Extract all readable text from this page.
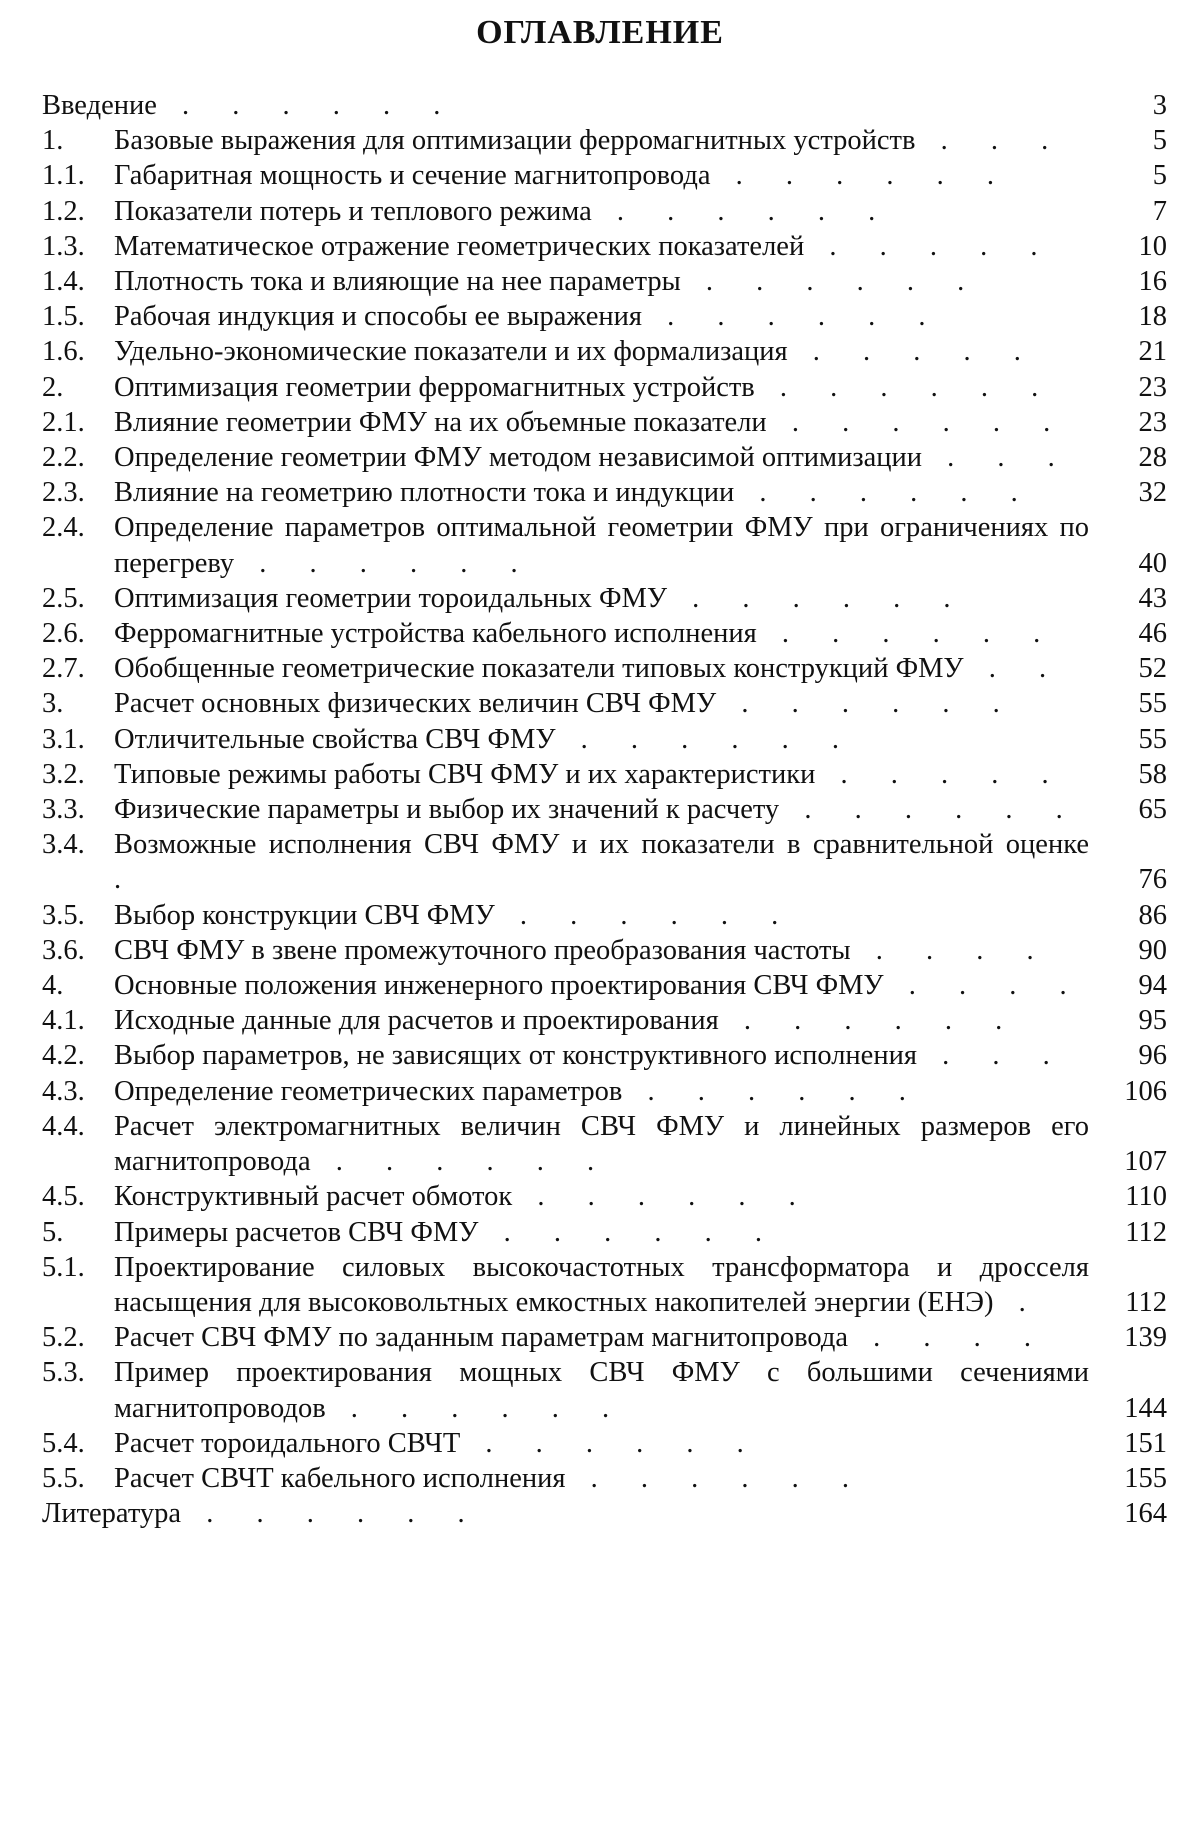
ОГЛАВЛЕНИЕ
Введение . . . . . .	3
1.	Базовые выражения для оптимизации ферромагнитных устройств . . .	5
1.1.	Габаритная мощность и сечение магнитопровода . . . . . .	5
1.2.	Показатели потерь и теплового режима . . . . . .	7
1.3.	Математическое отражение геометрических показателей . . . . .	10
1.4.	Плотность тока и влияющие на нее параметры . . . . . .	16
1.5.	Рабочая индукция и способы ее выражения . . . . . .	18
1.6.	Удельно-экономические показатели и их формализация . . . . .	21
2.	Оптимизация геометрии ферромагнитных устройств . . . . . .	23
2.1.	Влияние геометрии ФМУ на их объемные показатели . . . . . .	23
2.2.	Определение геометрии ФМУ методом независимой оптимизации . . .	28
2.3.	Влияние на геометрию плотности тока и индукции . . . . . .	32
2.4.	Определение параметров оптимальной геометрии ФМУ при ограничениях по перегреву . . . . . .	40
2.5.	Оптимизация геометрии тороидальных ФМУ . . . . . .	43
2.6.	Ферромагнитные устройства кабельного исполнения . . . . . .	46
2.7.	Обобщенные геометрические показатели типовых конструкций ФМУ . .	52
3.	Расчет основных физических величин СВЧ ФМУ . . . . . .	55
3.1.	Отличительные свойства СВЧ ФМУ . . . . . .	55
3.2.	Типовые режимы работы СВЧ ФМУ и их характеристики . . . . .	58
3.3.	Физические параметры и выбор их значений к расчету . . . . . .	65
3.4.	Возможные исполнения СВЧ ФМУ и их показатели в сравнительной оценке .	76
3.5.	Выбор конструкции СВЧ ФМУ . . . . . .	86
3.6.	СВЧ ФМУ в звене промежуточного преобразования частоты . . . .	90
4.	Основные положения инженерного проектирования СВЧ ФМУ . . . .	94
4.1.	Исходные данные для расчетов и проектирования . . . . . .	95
4.2.	Выбор параметров, не зависящих от конструктивного исполнения . . .	96
4.3.	Определение геометрических параметров . . . . . .	106
4.4.	Расчет электромагнитных величин СВЧ ФМУ и линейных размеров его магнитопровода . . . . . .	107
4.5.	Конструктивный расчет обмоток . . . . . .	110
5.	Примеры расчетов СВЧ ФМУ . . . . . .	112
5.1.	Проектирование силовых высокочастотных трансформатора и дросселя насыщения для высоковольтных емкостных накопителей энергии (ЕНЭ) .	112
5.2.	Расчет СВЧ ФМУ по заданным параметрам магнитопровода . . . .	139
5.3.	Пример проектирования мощных СВЧ ФМУ с большими сечениями магнитопроводов . . . . . .	144
5.4.	Расчет тороидального СВЧТ . . . . . .	151
5.5.	Расчет СВЧТ кабельного исполнения . . . . . .	155
Литература . . . . . .	164
